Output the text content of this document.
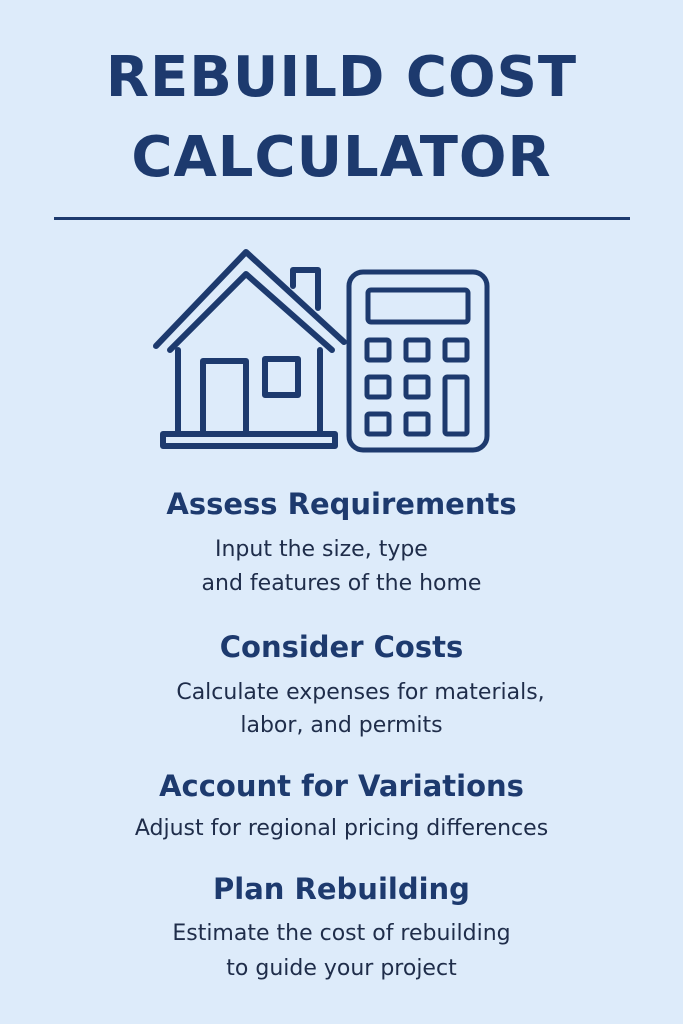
REBUILD COST
CALCULATOR
Assess Requirements
Input the size, type
and features of the home
Consider Costs
Calculate expenses for materials,
labor, and permits
Account for Variations
Adjust for regional pricing differences
Plan Rebuilding
Estimate the cost of rebuilding
to guide your project
